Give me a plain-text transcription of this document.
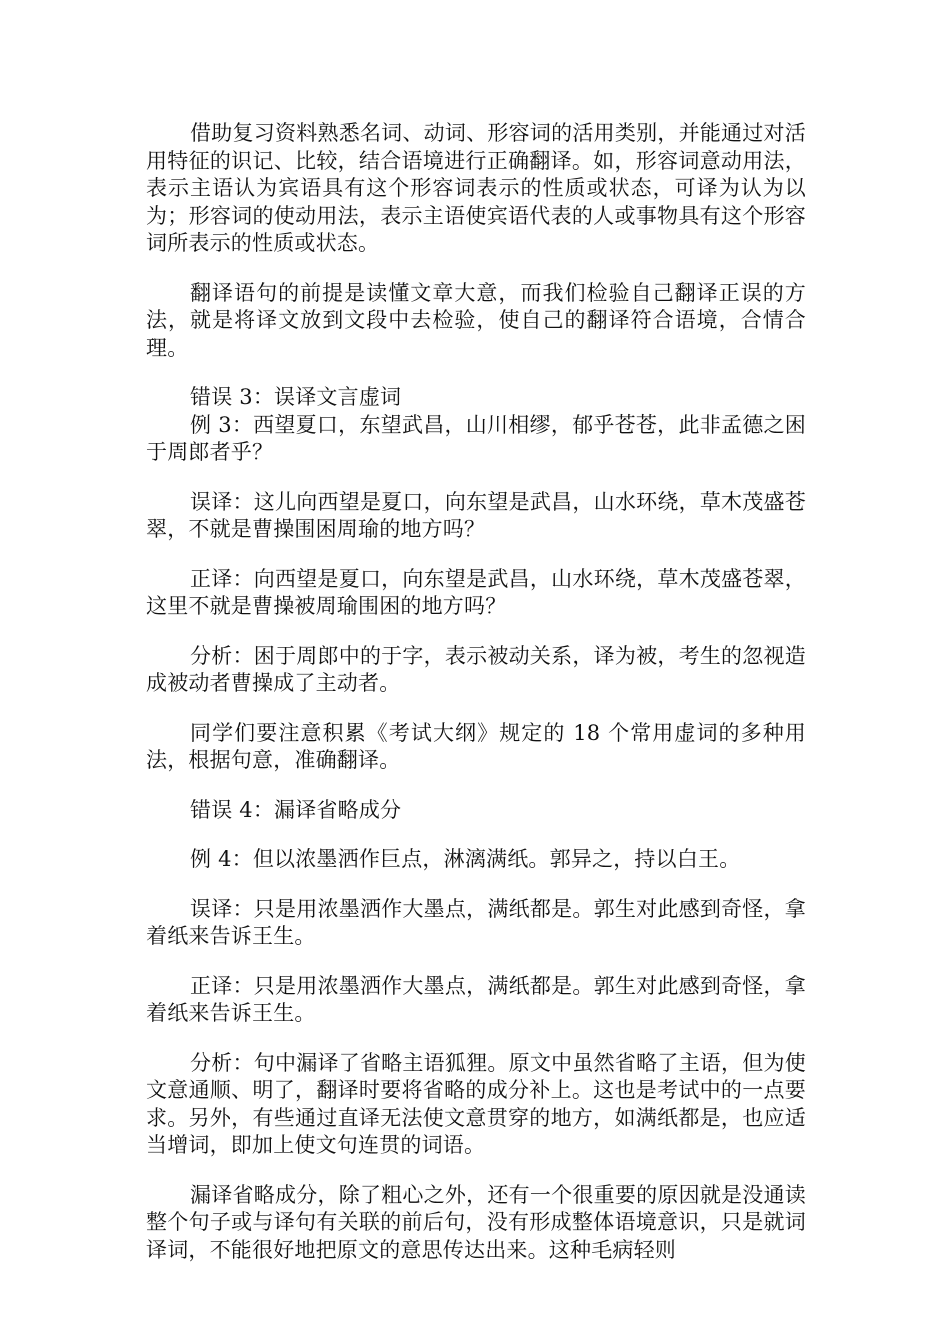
借助复习资料熟悉名词、动词、形容词的活用类别，并能通过对活用特征的识记、比较，结合语境进行正确翻译。如，形容词意动用法，表示主语认为宾语具有这个形容词表示的性质或状态，可译为认为以为；形容词的使动用法，表示主语使宾语代表的人或事物具有这个形容词所表示的性质或状态。

翻译语句的前提是读懂文章大意，而我们检验自己翻译正误的方法，就是将译文放到文段中去检验，使自己的翻译符合语境，合情合理。

错误 3：误译文言虚词

例 3：西望夏口，东望武昌，山川相缪，郁乎苍苍，此非孟德之困于周郎者乎？

误译：这儿向西望是夏口，向东望是武昌，山水环绕，草木茂盛苍翠，不就是曹操围困周瑜的地方吗？

正译：向西望是夏口，向东望是武昌，山水环绕，草木茂盛苍翠，这里不就是曹操被周瑜围困的地方吗？

分析：困于周郎中的于字，表示被动关系，译为被，考生的忽视造成被动者曹操成了主动者。

同学们要注意积累《考试大纲》规定的 18 个常用虚词的多种用法，根据句意，准确翻译。

错误 4：漏译省略成分

例 4：但以浓墨洒作巨点，淋漓满纸。郭异之，持以白王。

误译：只是用浓墨洒作大墨点，满纸都是。郭生对此感到奇怪，拿着纸来告诉王生。

正译：只是用浓墨洒作大墨点，满纸都是。郭生对此感到奇怪，拿着纸来告诉王生。

分析：句中漏译了省略主语狐狸。原文中虽然省略了主语，但为使文意通顺、明了，翻译时要将省略的成分补上。这也是考试中的一点要求。另外，有些通过直译无法使文意贯穿的地方，如满纸都是，也应适当增词，即加上使文句连贯的词语。

漏译省略成分，除了粗心之外，还有一个很重要的原因就是没通读整个句子或与译句有关联的前后句，没有形成整体语境意识，只是就词译词，不能很好地把原文的意思传达出来。这种毛病轻则
